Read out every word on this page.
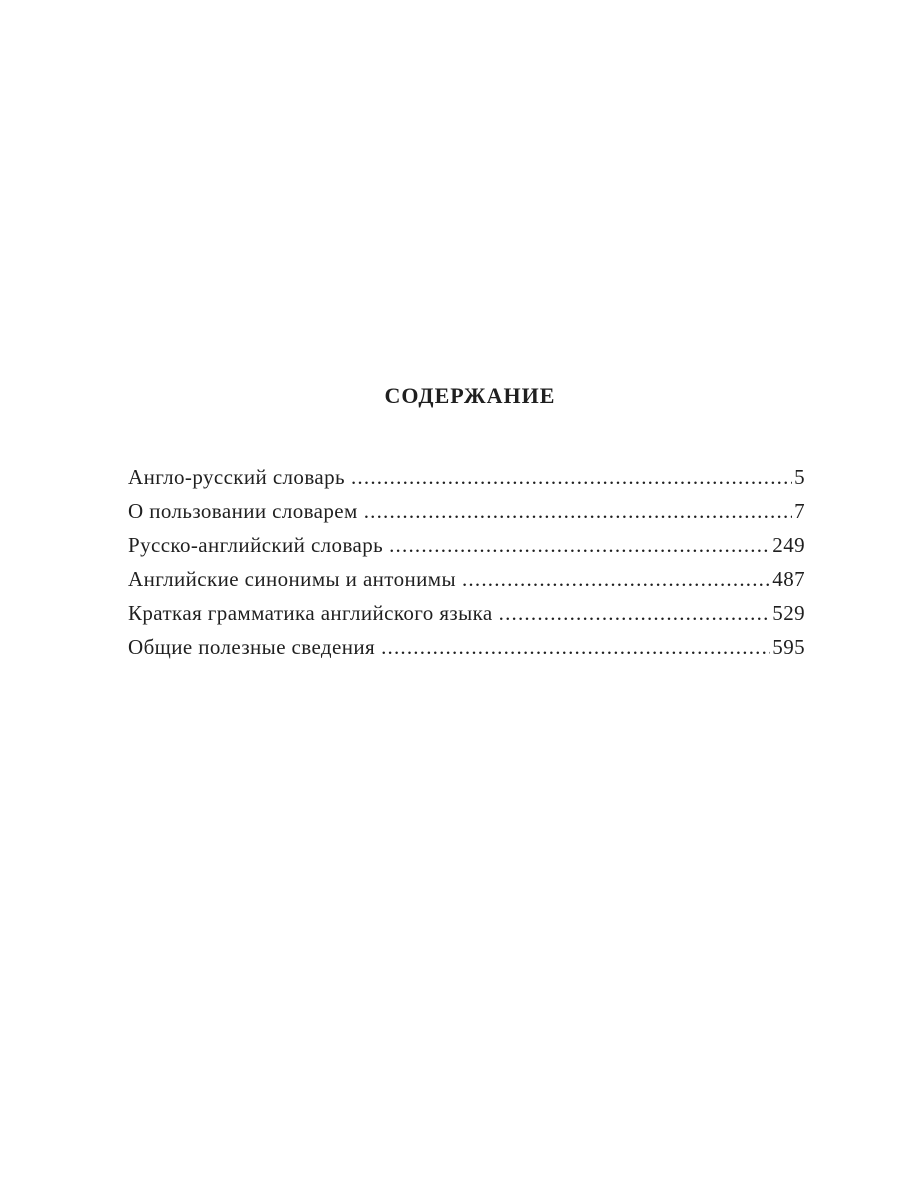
СОДЕРЖАНИЕ
Англо-русский словарь .....	5
О пользовании словарем .....	7
Русско-английский словарь .....	249
Английские синонимы и антонимы .....	487
Краткая грамматика английского языка .....	529
Общие полезные сведения .....	595
